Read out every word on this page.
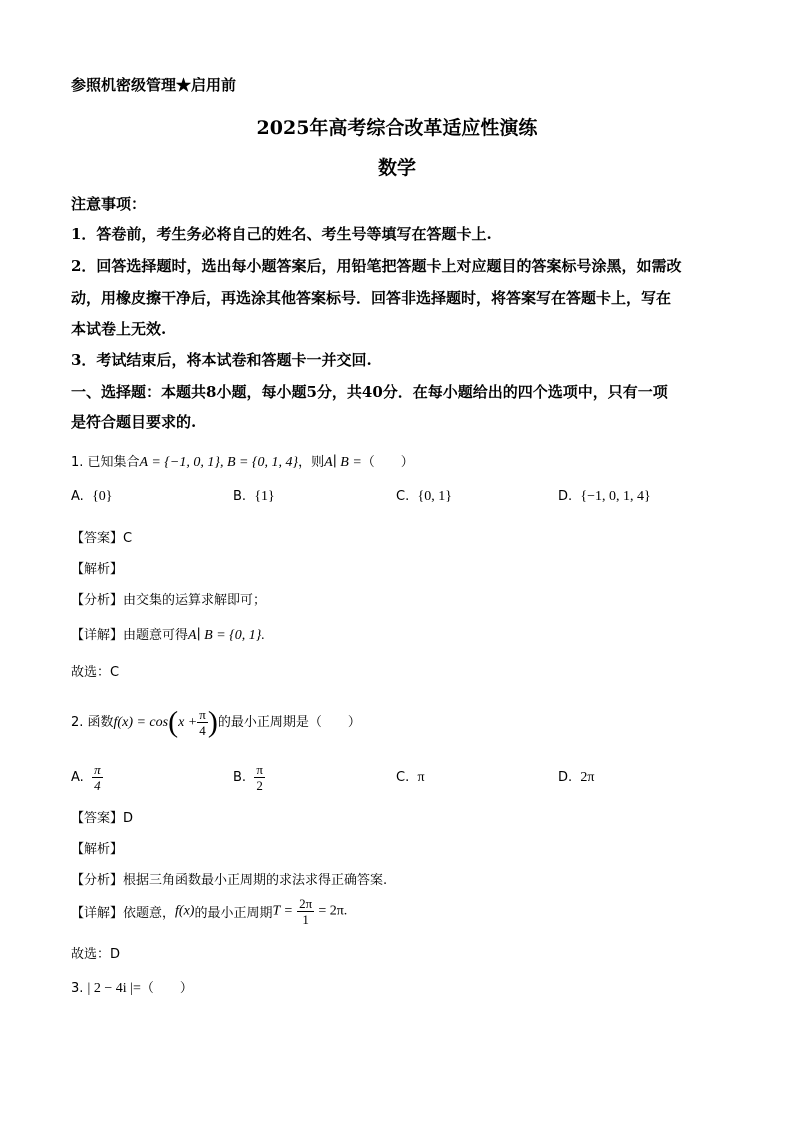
参照机密级管理★启用前
2025年高考综合改革适应性演练
数学
注意事项：
1．答卷前，考生务必将自己的姓名、考生号等填写在答题卡上.
2．回答选择题时，选出每小题答案后，用铅笔把答题卡上对应题目的答案标号涂黑，如需改
动，用橡皮擦干净后，再选涂其他答案标号．回答非选择题时，将答案写在答题卡上，写在
本试卷上无效.
3．考试结束后，将本试卷和答题卡一并交回.
一、选择题：本题共8小题，每小题5分，共40分．在每小题给出的四个选项中，只有一项
是符合题目要求的.
1. 已知集合A = {−1, 0, 1}, B = {0, 1, 4}，则A∣ B =（　　）
A. {0}	B. {1}	C. {0, 1}	D. {−1, 0, 1, 4}
【答案】C
【解析】
【分析】由交集的运算求解即可；
【详解】由题意可得A∣ B = {0, 1}.
故选：C
2. 函数$f(x) = \cos(x + \frac{\pi}{4}$ )的最小正周期是（　　）
A. $\frac{\pi}{4}$	B. $\frac{\pi}{2}$	C. π	D. 2π
【答案】D
【解析】
【分析】根据三角函数最小正周期的求法求得正确答案.
【详解】依题意，f(x)的最小正周期$T = \frac{2\pi}{1} = 2\pi$.
故选：D
3. | 2 − 4i |=（　　）
